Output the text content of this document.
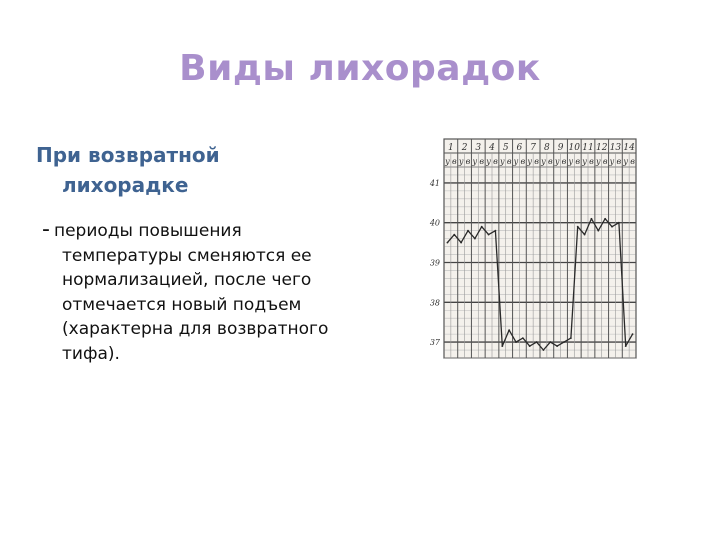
Виды лихорадок
При возвратной
лихорадке
- периоды повышения
температуры сменяются ее
нормализацией, после чего
отмечается новый подъем
(характерна для возвратного
тифа).
1 2 3 4 5 6 7 8 9 10 11 12 13 14
у в у в у в у в у в у в у в у в у в у в у в у в у в у в
41
40
39
38
37
